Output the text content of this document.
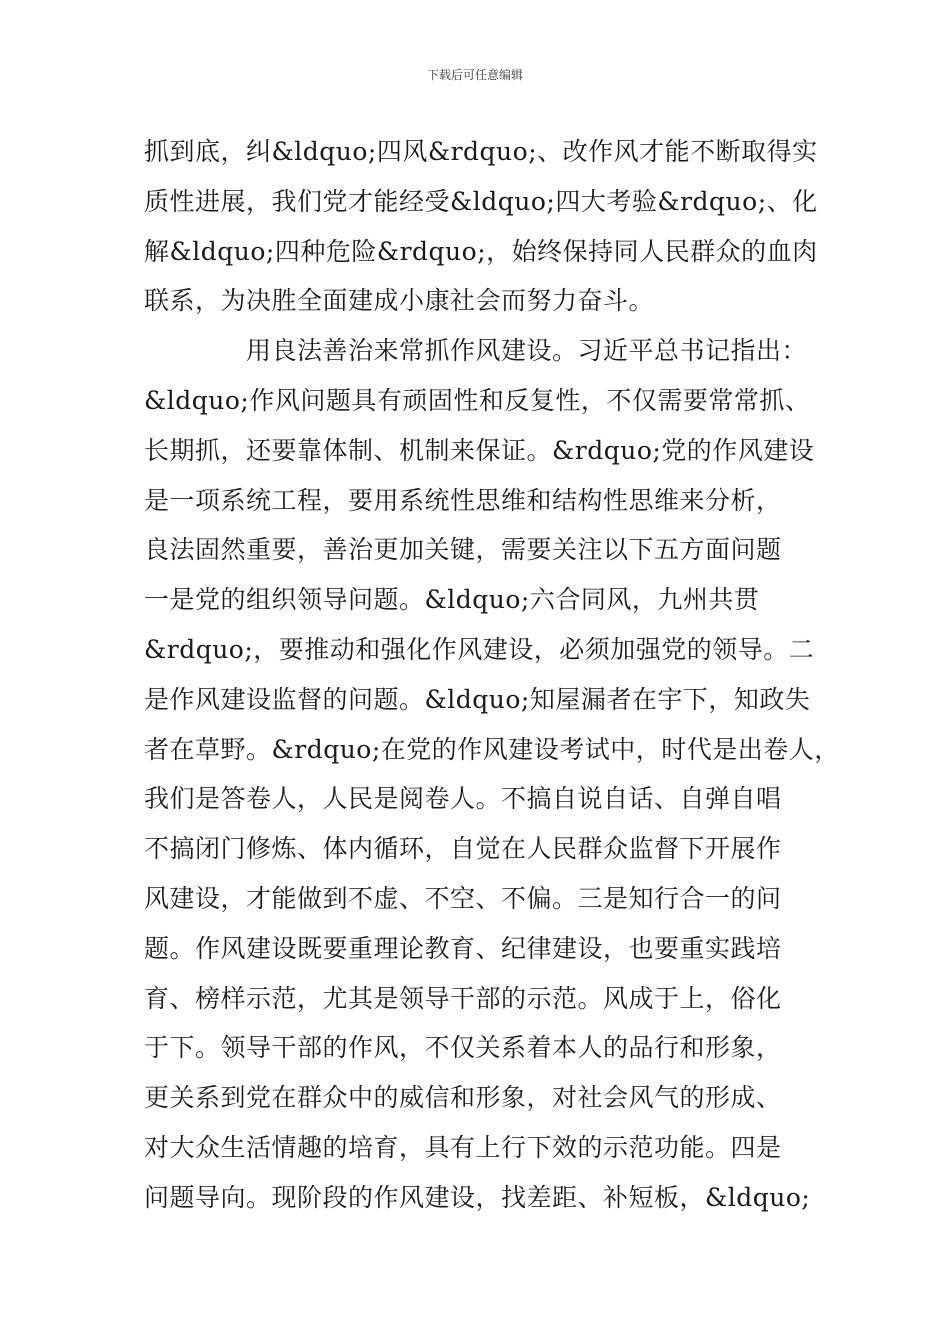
下载后可任意编辑
抓到底，纠&ldquo;四风&rdquo;、改作风才能不断取得实
质性进展，我们党才能经受&ldquo;四大考验&rdquo;、化
解&ldquo;四种危险&rdquo;，始终保持同人民群众的血肉
联系，为决胜全面建成小康社会而努力奋斗。
用良法善治来常抓作风建设。习近平总书记指出：
&ldquo;作风问题具有顽固性和反复性，不仅需要常常抓、
长期抓，还要靠体制、机制来保证。&rdquo;党的作风建设
是一项系统工程，要用系统性思维和结构性思维来分析，
良法固然重要，善治更加关键，需要关注以下五方面问题
一是党的组织领导问题。&ldquo;六合同风，九州共贯
&rdquo;，要推动和强化作风建设，必须加强党的领导。二
是作风建设监督的问题。&ldquo;知屋漏者在宇下，知政失
者在草野。&rdquo;在党的作风建设考试中，时代是出卷人，
我们是答卷人，人民是阅卷人。不搞自说自话、自弹自唱
不搞闭门修炼、体内循环，自觉在人民群众监督下开展作
风建设，才能做到不虚、不空、不偏。三是知行合一的问
题。作风建设既要重理论教育、纪律建设，也要重实践培
育、榜样示范，尤其是领导干部的示范。风成于上，俗化
于下。领导干部的作风，不仅关系着本人的品行和形象，
更关系到党在群众中的威信和形象，对社会风气的形成、
对大众生活情趣的培育，具有上行下效的示范功能。四是
问题导向。现阶段的作风建设，找差距、补短板，&ldquo;
